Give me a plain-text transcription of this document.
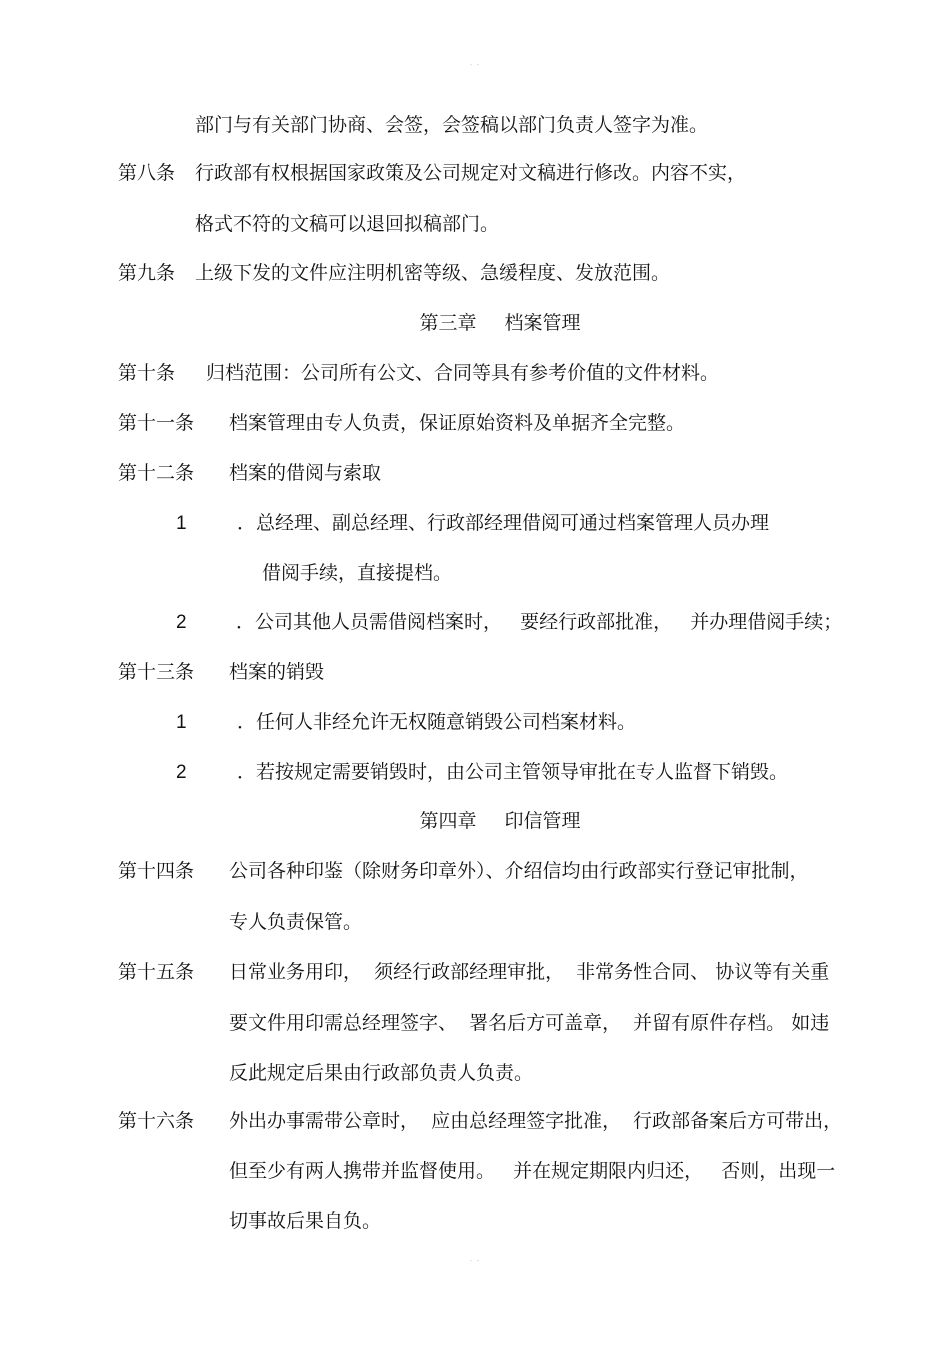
- -
部门与有关部门协商、会签，会签稿以部门负责人签字为准。
第八条 行政部有权根据国家政策及公司规定对文稿进行修改。内容不实，
格式不符的文稿可以退回拟稿部门。
第九条 上级下发的文件应注明机密等级、急缓程度、发放范围。
第三章 档案管理
第十条 归档范围：公司所有公文、合同等具有参考价值的文件材料。
第十一条 档案管理由专人负责，保证原始资料及单据齐全完整。
第十二条 档案的借阅与索取
1	．总经理、副总经理、行政部经理借阅可通过档案管理人员办理
借阅手续，直接提档。
2	．公司其他人员需借阅档案时，   要经行政部批准，   并办理借阅手续；
第十三条 档案的销毁
1	．任何人非经允许无权随意销毁公司档案材料。
2	．若按规定需要销毁时，由公司主管领导审批在专人监督下销毁。
第四章 印信管理
第十四条 公司各种印鉴（除财务印章外）、介绍信均由行政部实行登记审批制，
专人负责保管。
第十五条 日常业务用印，  须经行政部经理审批，  非常务性合同、 协议等有关重
要文件用印需总经理签字、  署名后方可盖章，  并留有原件存档。 如违
反此规定后果由行政部负责人负责。
第十六条 外出办事需带公章时，  应由总经理签字批准，  行政部备案后方可带出，
但至少有两人携带并监督使用。   并在规定期限内归还，   否则，出现一
切事故后果自负。
- -
